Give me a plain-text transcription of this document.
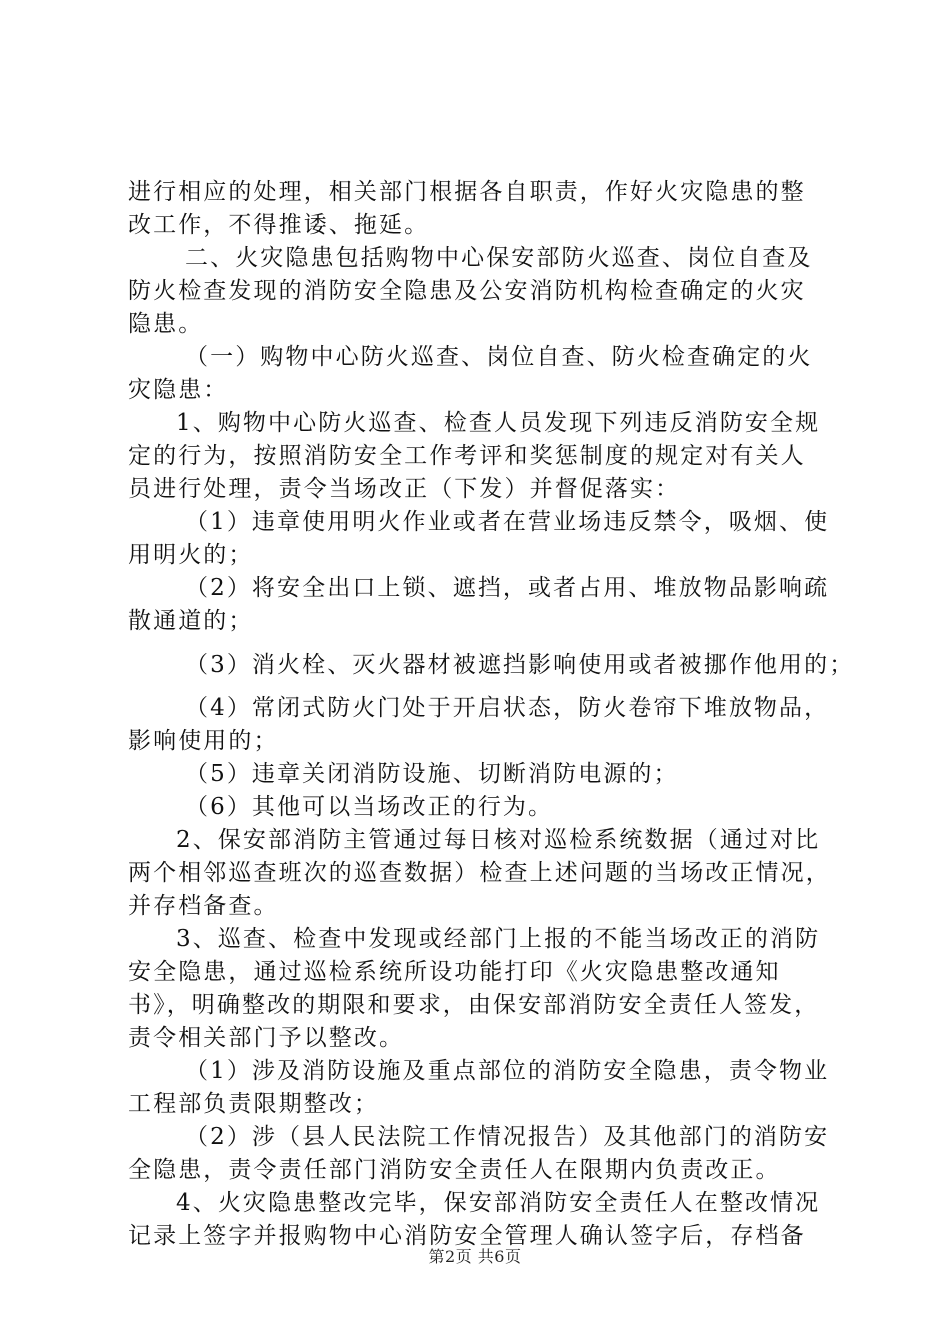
进行相应的处理，相关部门根据各自职责，作好火灾隐患的整
改工作，不得推诿、拖延。
二、火灾隐患包括购物中心保安部防火巡查、岗位自查及
防火检查发现的消防安全隐患及公安消防机构检查确定的火灾
隐患。
（一）购物中心防火巡查、岗位自查、防火检查确定的火
灾隐患：
1、购物中心防火巡查、检查人员发现下列违反消防安全规
定的行为，按照消防安全工作考评和奖惩制度的规定对有关人
员进行处理，责令当场改正（下发）并督促落实：
（1）违章使用明火作业或者在营业场违反禁令，吸烟、使
用明火的；
（2）将安全出口上锁、遮挡，或者占用、堆放物品影响疏
散通道的；
（3）消火栓、灭火器材被遮挡影响使用或者被挪作他用的；
（4）常闭式防火门处于开启状态，防火卷帘下堆放物品，
影响使用的；
（5）违章关闭消防设施、切断消防电源的；
（6）其他可以当场改正的行为。
2、保安部消防主管通过每日核对巡检系统数据（通过对比
两个相邻巡查班次的巡查数据）检查上述问题的当场改正情况，
并存档备查。
3、巡查、检查中发现或经部门上报的不能当场改正的消防
安全隐患，通过巡检系统所设功能打印《火灾隐患整改通知
书》，明确整改的期限和要求，由保安部消防安全责任人签发，
责令相关部门予以整改。
（1）涉及消防设施及重点部位的消防安全隐患，责令物业
工程部负责限期整改；
（2）涉（县人民法院工作情况报告）及其他部门的消防安
全隐患，责令责任部门消防安全责任人在限期内负责改正。
4、火灾隐患整改完毕，保安部消防安全责任人在整改情况
记录上签字并报购物中心消防安全管理人确认签字后，存档备
第2页 共6页
